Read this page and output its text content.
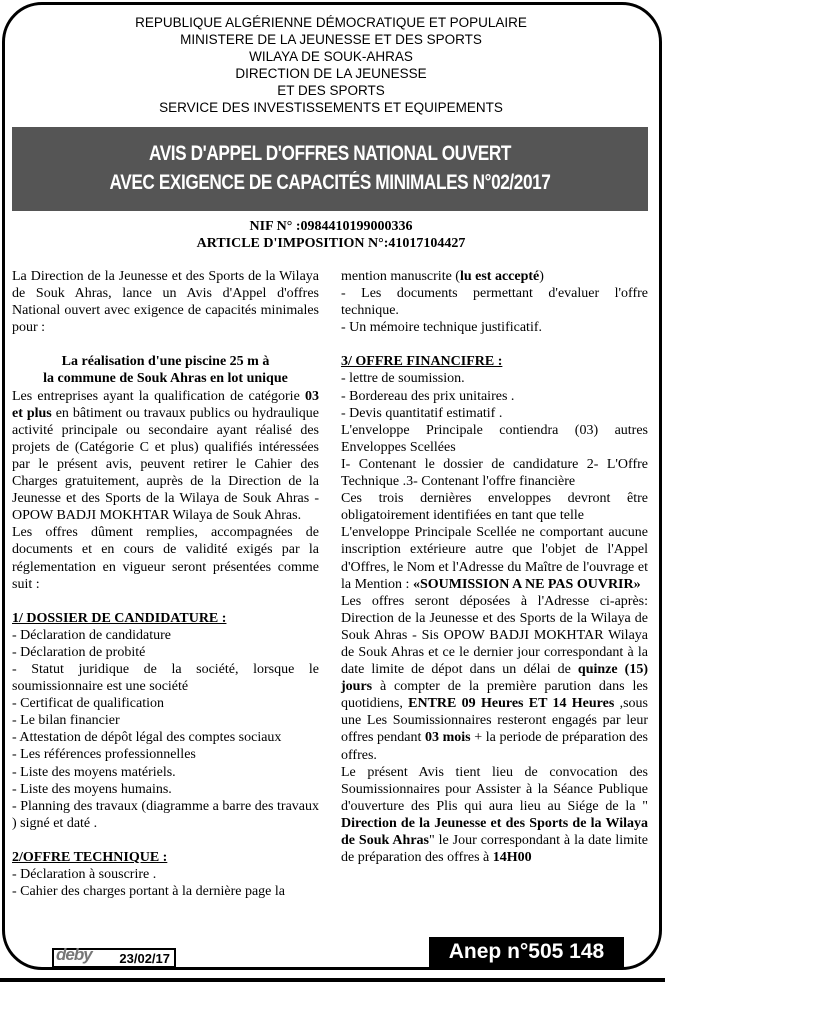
REPUBLIQUE ALGÉRIENNE DÉMOCRATIQUE ET POPULAIRE
MINISTERE DE LA JEUNESSE ET DES SPORTS
WILAYA DE SOUK-AHRAS
DIRECTION DE LA JEUNESSE
ET DES SPORTS
SERVICE DES INVESTISSEMENTS ET EQUIPEMENTS
AVIS D'APPEL D'OFFRES NATIONAL OUVERT
AVEC EXIGENCE DE CAPACITÉS MINIMALES N°02/2017
NIF N° :0984410199000336
ARTICLE D'IMPOSITION N°:41017104427

La Direction de la Jeunesse et des Sports de la Wilaya de Souk Ahras, lance un Avis d'Appel d'offres National ouvert avec exigence de capacités minimales pour :

La réalisation d'une piscine 25 m à

la commune de Souk Ahras en lot unique

Les entreprises ayant la qualification de catégorie 03 et plus en bâtiment ou travaux publics ou hydraulique activité principale ou secondaire ayant réalisé des projets de (Catégorie C et plus) qualifiés intéressées par le présent avis, peuvent retirer le Cahier des Charges gratuitement, auprès de la Direction de la Jeunesse et des Sports de la Wilaya de Souk Ahras - OPOW BADJI MOKHTAR Wilaya de Souk Ahras.

Les offres dûment remplies, accompagnées de documents et en cours de validité exigés par la réglementation en vigueur seront présentées comme suit :

1/ DOSSIER DE CANDIDATURE :

- Déclaration de candidature

- Déclaration de probité

- Statut juridique de la société, lorsque le soumissionnaire est une société

- Certificat de qualification

- Le bilan financier

- Attestation de dépôt légal des comptes sociaux

- Les références professionnelles

- Liste des moyens matériels.

- Liste des moyens humains.

- Planning des travaux (diagramme a barre des travaux ) signé et daté .

2/OFFRE TECHNIQUE :

- Déclaration à souscrire .

- Cahier des charges portant à la dernière page la

mention manuscrite (lu est accepté)

- Les documents permettant d'evaluer l'offre technique.

- Un mémoire technique justificatif.

3/ OFFRE FINANCIFRE :

- lettre de soumission.

- Bordereau des prix unitaires .

- Devis quantitatif estimatif .

L'enveloppe Principale contiendra (03) autres Enveloppes Scellées

I- Contenant le dossier de candidature 2- L'Offre Technique .3- Contenant l'offre financière

Ces trois dernières enveloppes devront être obligatoirement identifiées en tant que telle

L'enveloppe Principale Scellée ne comportant aucune inscription extérieure autre que l'objet de l'Appel d'Offres, le Nom et l'Adresse du Maître de l'ouvrage et la Mention : «SOUMISSION A NE PAS OUVRIR»

Les offres seront déposées à l'Adresse ci-après: Direction de la Jeunesse et des Sports de la Wilaya de Souk Ahras - Sis OPOW BADJI MOKHTAR Wilaya de Souk Ahras et ce le dernier jour correspondant à la date limite de dépot dans un délai de quinze (15) jours à compter de la première parution dans les quotidiens, ENTRE 09 Heures ET 14 Heures ,sous une Les Soumissionnaires resteront engagés par leur offres pendant 03 mois + la periode de préparation des offres.

Le présent Avis tient lieu de convocation des Soumissionnaires pour Assister à la Séance Publique d'ouverture des Plis qui aura lieu au Siége de la " Direction de la Jeunesse et des Sports de la Wilaya de Souk Ahras" le Jour correspondant à la date limite de préparation des offres à 14H00

deby 23/02/17	Anep n°505 148
